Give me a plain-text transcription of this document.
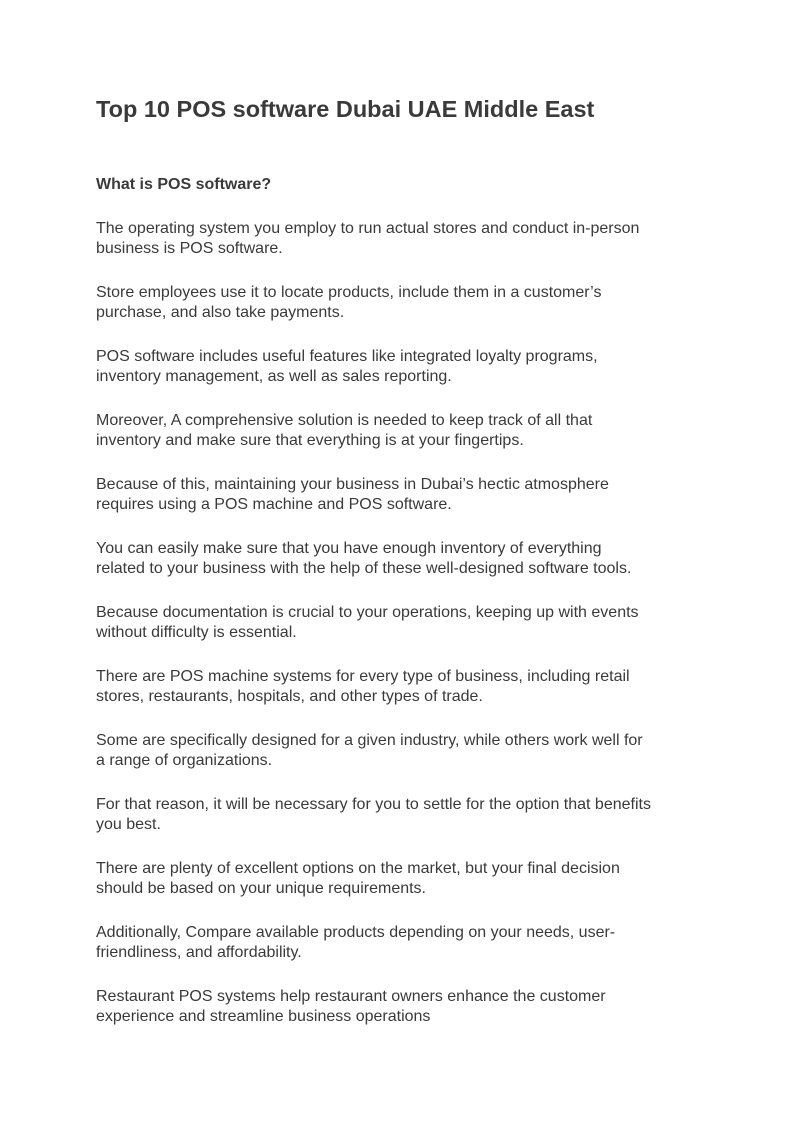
Top 10 POS software Dubai UAE Middle East
What is POS software?

The operating system you employ to run actual stores and conduct in-person
business is POS software.

Store employees use it to locate products, include them in a customer’s
purchase, and also take payments.

POS software includes useful features like integrated loyalty programs,
inventory management, as well as sales reporting.

Moreover, A comprehensive solution is needed to keep track of all that
inventory and make sure that everything is at your fingertips.

Because of this, maintaining your business in Dubai’s hectic atmosphere
requires using a POS machine and POS software.

You can easily make sure that you have enough inventory of everything
related to your business with the help of these well-designed software tools.

Because documentation is crucial to your operations, keeping up with events
without difficulty is essential.

There are POS machine systems for every type of business, including retail
stores, restaurants, hospitals, and other types of trade.

Some are specifically designed for a given industry, while others work well for
a range of organizations.

For that reason, it will be necessary for you to settle for the option that benefits
you best.

There are plenty of excellent options on the market, but your final decision
should be based on your unique requirements.

Additionally, Compare available products depending on your needs, user-
friendliness, and affordability.

Restaurant POS systems help restaurant owners enhance the customer
experience and streamline business operations
